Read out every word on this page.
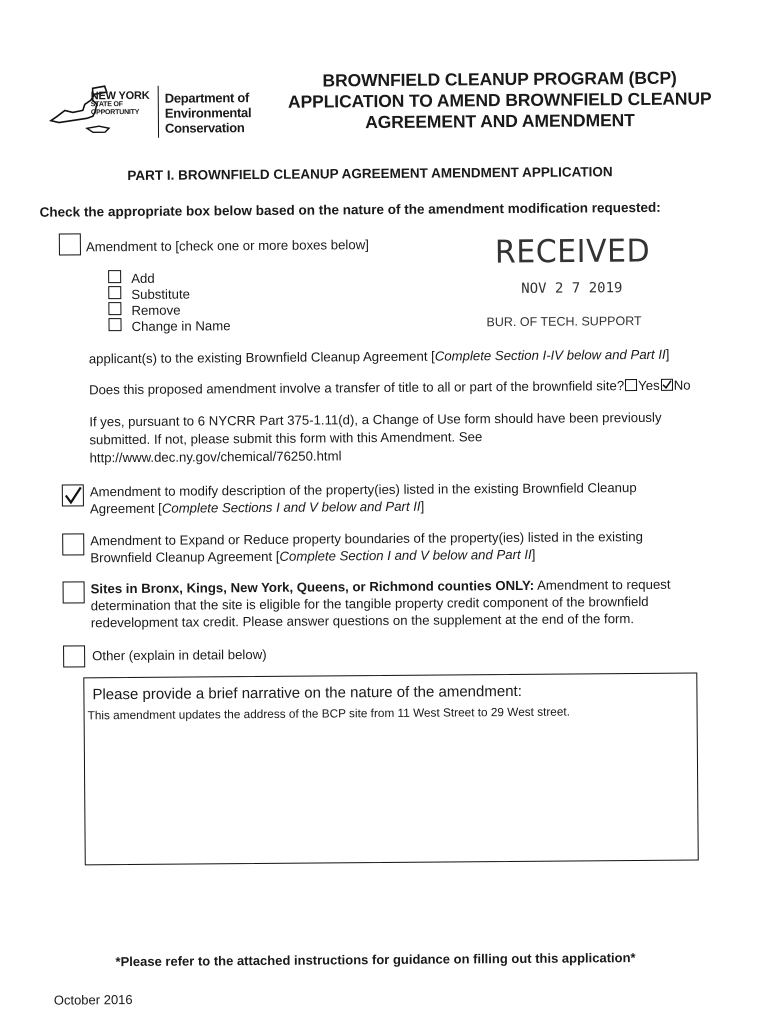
NEW YORK
STATE OF
OPPORTUNITY
Department of
Environmental
Conservation
BROWNFIELD CLEANUP PROGRAM (BCP)
APPLICATION TO AMEND BROWNFIELD CLEANUP
AGREEMENT AND AMENDMENT
PART I. BROWNFIELD CLEANUP AGREEMENT AMENDMENT APPLICATION
Check the appropriate box below based on the nature of the amendment modification requested:
Amendment to [check one or more boxes below]
Add
Substitute
Remove
Change in Name
RECEIVED
NOV 2 7 2019
BUR. OF TECH. SUPPORT
applicant(s) to the existing Brownfield Cleanup Agreement [Complete Section I-IV below and Part II]
Does this proposed amendment involve a transfer of title to all or part of the brownfield site? Yes No
If yes, pursuant to 6 NYCRR Part 375-1.11(d), a Change of Use form should have been previously
submitted. If not, please submit this form with this Amendment. See
http://www.dec.ny.gov/chemical/76250.html
Amendment to modify description of the property(ies) listed in the existing Brownfield Cleanup
Agreement [Complete Sections I and V below and Part II]
Amendment to Expand or Reduce property boundaries of the property(ies) listed in the existing
Brownfield Cleanup Agreement [Complete Section I and V below and Part II]
Sites in Bronx, Kings, New York, Queens, or Richmond counties ONLY: Amendment to request
determination that the site is eligible for the tangible property credit component of the brownfield
redevelopment tax credit. Please answer questions on the supplement at the end of the form.
Other (explain in detail below)
Please provide a brief narrative on the nature of the amendment:
This amendment updates the address of the BCP site from 11 West Street to 29 West street.
*Please refer to the attached instructions for guidance on filling out this application*
October 2016
